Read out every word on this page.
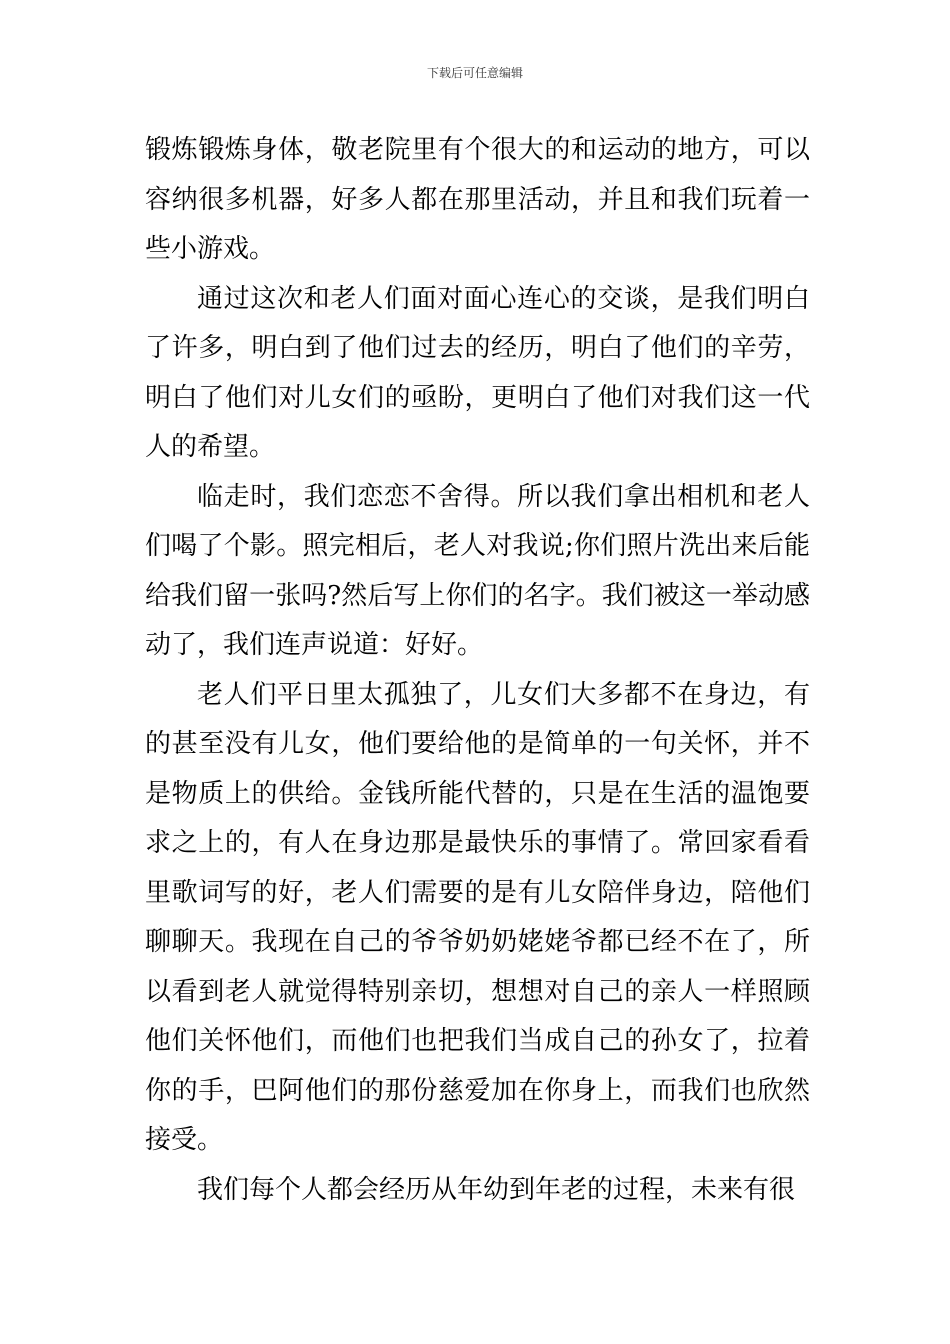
下载后可任意编辑

锻炼锻炼身体，敬老院里有个很大的和运动的地方，可以容纳很多机器，好多人都在那里活动，并且和我们玩着一些小游戏。

通过这次和老人们面对面心连心的交谈，是我们明白了许多，明白到了他们过去的经历，明白了他们的辛劳，明白了他们对儿女们的亟盼，更明白了他们对我们这一代人的希望。

临走时，我们恋恋不舍得。所以我们拿出相机和老人们喝了个影。照完相后，老人对我说;你们照片洗出来后能给我们留一张吗?然后写上你们的名字。我们被这一举动感动了，我们连声说道：好好。

老人们平日里太孤独了，儿女们大多都不在身边，有的甚至没有儿女，他们要给他的是简单的一句关怀，并不是物质上的供给。金钱所能代替的，只是在生活的温饱要求之上的，有人在身边那是最快乐的事情了。常回家看看里歌词写的好，老人们需要的是有儿女陪伴身边，陪他们聊聊天。我现在自己的爷爷奶奶姥姥爷都已经不在了，所以看到老人就觉得特别亲切，想想对自己的亲人一样照顾他们关怀他们，而他们也把我们当成自己的孙女了，拉着你的手，巴阿他们的那份慈爱加在你身上，而我们也欣然接受。

我们每个人都会经历从年幼到年老的过程，未来有很
